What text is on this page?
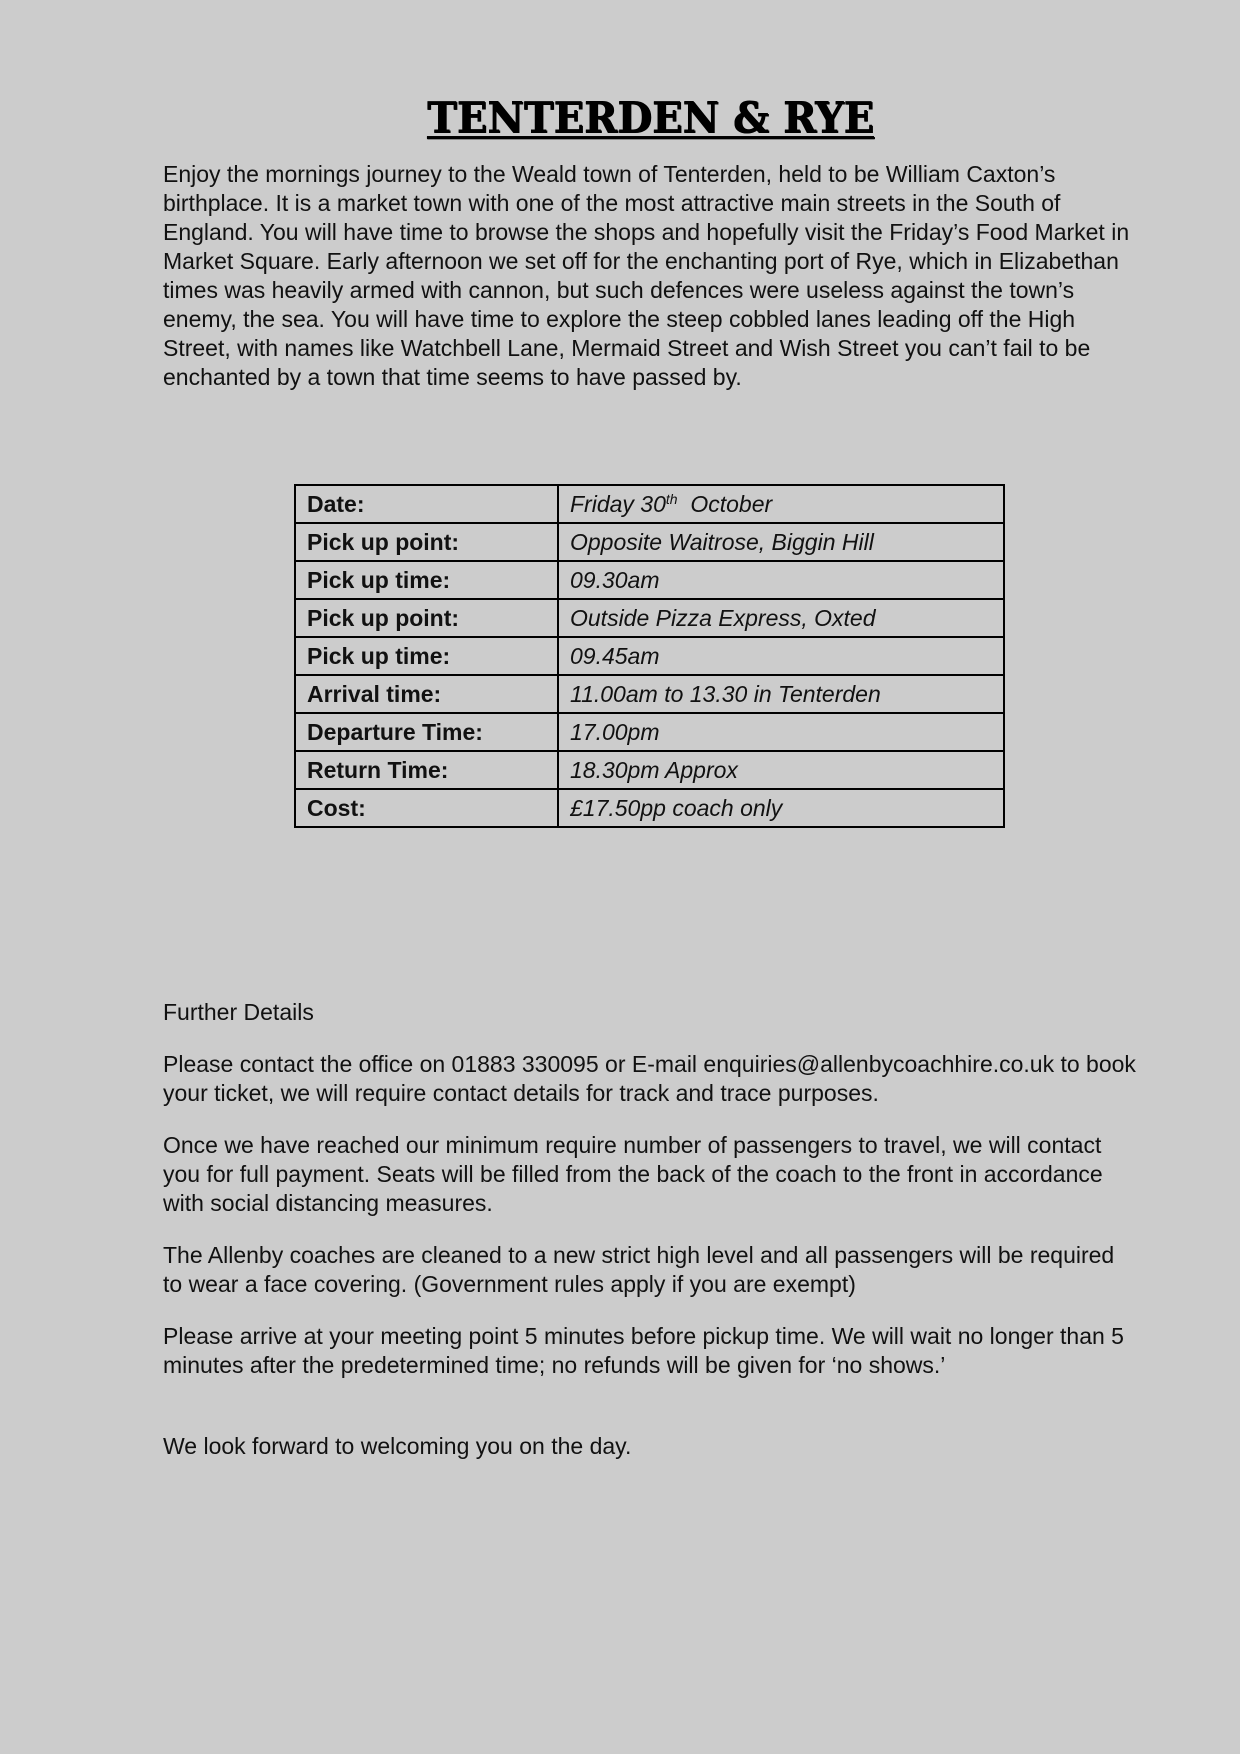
TENTERDEN & RYE

Enjoy the mornings journey to the Weald town of Tenterden, held to be William Caxton’s birthplace. It is a market town with one of the most attractive main streets in the South of England. You will have time to browse the shops and hopefully visit the Friday’s Food Market in Market Square. Early afternoon we set off for the enchanting port of Rye, which in Elizabethan times was heavily armed with cannon, but such defences were useless against the town’s enemy, the sea. You will have time to explore the steep cobbled lanes leading off the High Street, with names like Watchbell Lane, Mermaid Street and Wish Street you can’t fail to be enchanted by a town that time seems to have passed by.

Date:	Friday 30th  October
Pick up point:	Opposite Waitrose, Biggin Hill
Pick up time:	09.30am
Pick up point:	Outside Pizza Express, Oxted
Pick up time:	09.45am
Arrival time:	11.00am to 13.30 in Tenterden
Departure Time:	17.00pm
Return Time:	18.30pm Approx
Cost:	£17.50pp coach only

Further Details

Please contact the office on 01883 330095 or E-mail enquiries@allenbycoachhire.co.uk to book your ticket, we will require contact details for track and trace purposes.

Once we have reached our minimum require number of passengers to travel, we will contact you for full payment. Seats will be filled from the back of the coach to the front in accordance with social distancing measures.

The Allenby coaches are cleaned to a new strict high level and all passengers will be required to wear a face covering. (Government rules apply if you are exempt)

Please arrive at your meeting point 5 minutes before pickup time. We will wait no longer than 5 minutes after the predetermined time; no refunds will be given for ‘no shows.’

We look forward to welcoming you on the day.
